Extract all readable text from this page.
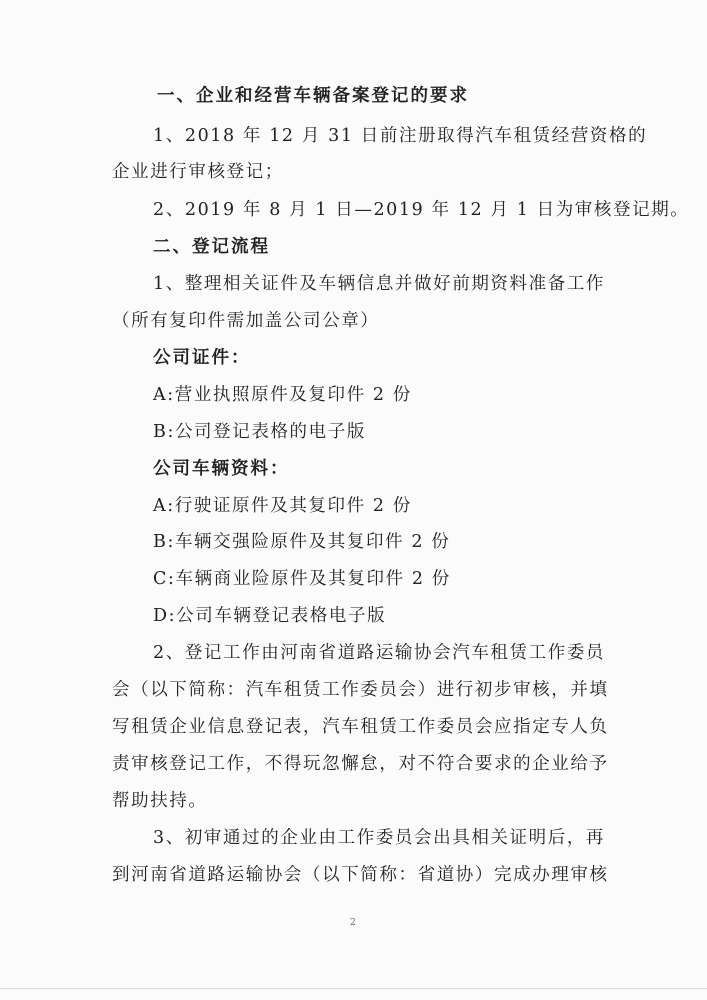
一、企业和经营车辆备案登记的要求
1、2018 年 12 月 31 日前注册取得汽车租赁经营资格的
企业进行审核登记；
2、2019 年 8 月 1 日—2019 年 12 月 1 日为审核登记期。
二、登记流程
1、整理相关证件及车辆信息并做好前期资料准备工作
（所有复印件需加盖公司公章）
公司证件：
A:营业执照原件及复印件 2 份
B:公司登记表格的电子版
公司车辆资料：
A:行驶证原件及其复印件 2 份
B:车辆交强险原件及其复印件 2 份
C:车辆商业险原件及其复印件 2 份
D:公司车辆登记表格电子版
2、登记工作由河南省道路运输协会汽车租赁工作委员
会（以下简称：汽车租赁工作委员会）进行初步审核，并填
写租赁企业信息登记表，汽车租赁工作委员会应指定专人负
责审核登记工作，不得玩忽懈怠，对不符合要求的企业给予
帮助扶持。
3、初审通过的企业由工作委员会出具相关证明后，再
到河南省道路运输协会（以下简称：省道协）完成办理审核
2
